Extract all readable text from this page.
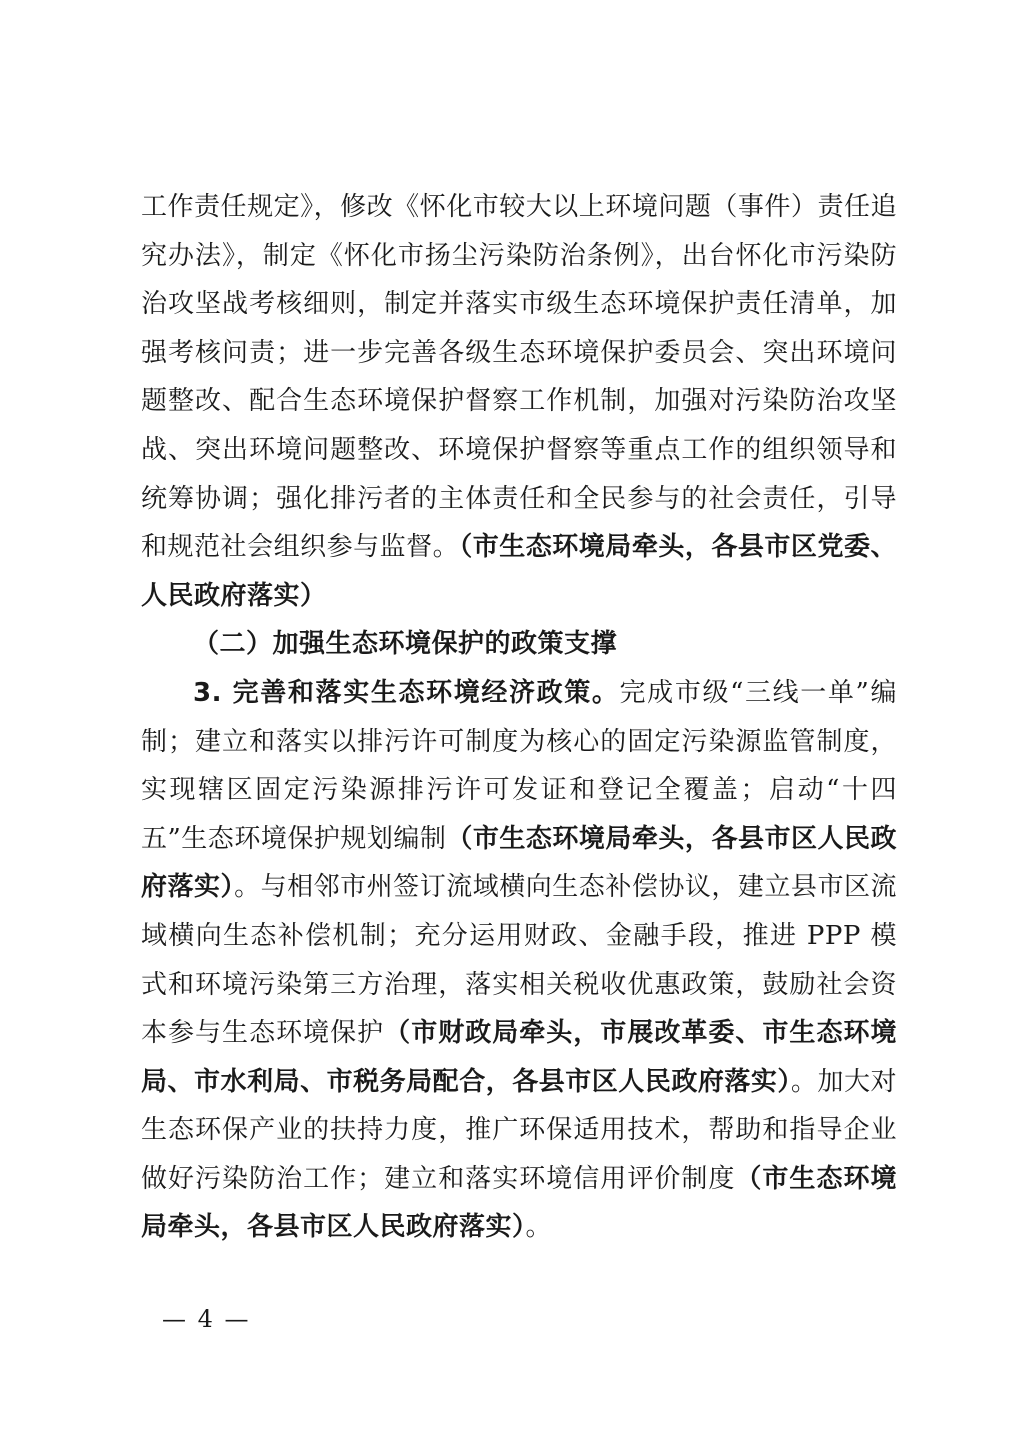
工作责任规定》，修改《怀化市较大以上环境问题（事件）责任追究办法》，制定《怀化市扬尘污染防治条例》，出台怀化市污染防治攻坚战考核细则，制定并落实市级生态环境保护责任清单，加强考核问责；进一步完善各级生态环境保护委员会、突出环境问题整改、配合生态环境保护督察工作机制，加强对污染防治攻坚战、突出环境问题整改、环境保护督察等重点工作的组织领导和统筹协调；强化排污者的主体责任和全民参与的社会责任，引导和规范社会组织参与监督。（市生态环境局牵头，各县市区党委、人民政府落实）

（二）加强生态环境保护的政策支撑

3. 完善和落实生态环境经济政策。完成市级“三线一单”编制；建立和落实以排污许可制度为核心的固定污染源监管制度，实现辖区固定污染源排污许可发证和登记全覆盖；启动“十四五”生态环境保护规划编制（市生态环境局牵头，各县市区人民政府落实）。与相邻市州签订流域横向生态补偿协议，建立县市区流域横向生态补偿机制；充分运用财政、金融手段，推进 PPP 模式和环境污染第三方治理，落实相关税收优惠政策，鼓励社会资本参与生态环境保护（市财政局牵头，市展改革委、市生态环境局、市水利局、市税务局配合，各县市区人民政府落实）。加大对生态环保产业的扶持力度，推广环保适用技术，帮助和指导企业做好污染防治工作；建立和落实环境信用评价制度（市生态环境局牵头，各县市区人民政府落实）。

— 4 —
